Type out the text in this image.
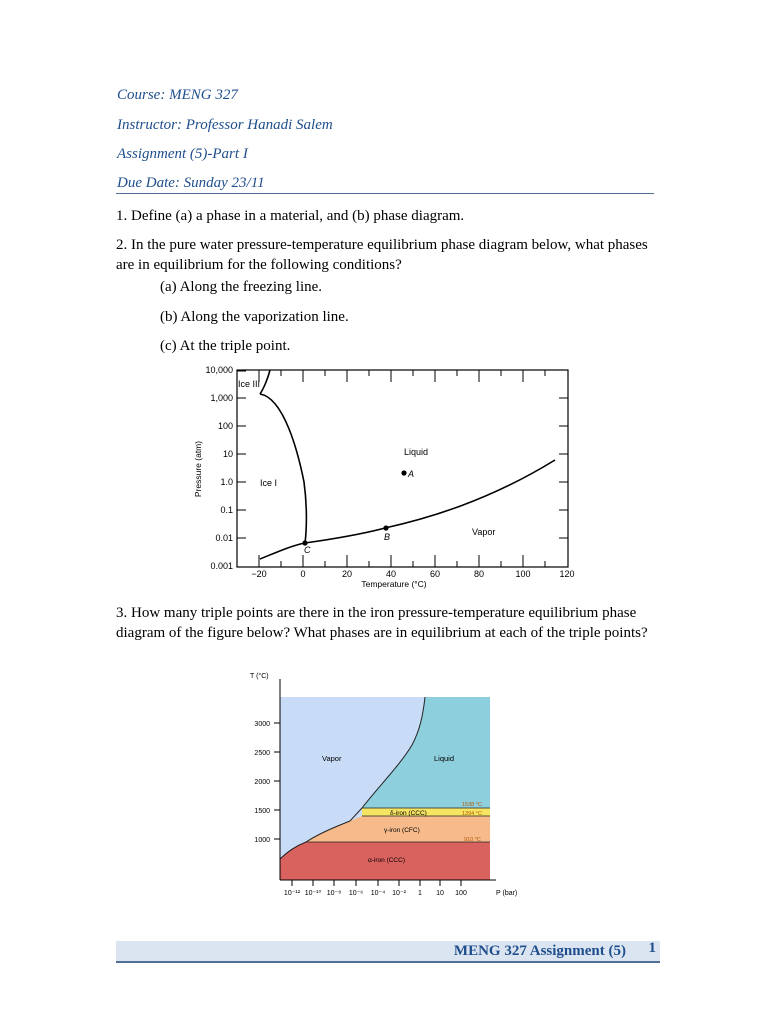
Course: MENG 327
Instructor: Professor Hanadi Salem
Assignment (5)-Part I
Due Date: Sunday 23/11
1. Define (a) a phase in a material, and (b) phase diagram.
2. In the pure water pressure-temperature equilibrium phase diagram below, what phases are in equilibrium for the following conditions?
(a) Along the freezing line.
(b) Along the vaporization line.
(c) At the triple point.
Ice III
Ice I
Liquid
Vapor
A
B
C
10,000
1,000
100
10
1.0
0.1
0.01
0.001
−20	0	20	40	60	80	100	120
Temperature (°C)
Pressure (atm)
3. How many triple points are there in the iron pressure-temperature equilibrium phase diagram of the figure below? What phases are in equilibrium at each of the triple points?
3000
2500
2000
1500
1000
10⁻¹² 10⁻¹⁰ 10⁻⁸ 10⁻⁶ 10⁻⁴ 10⁻² 1 10 100
T (°C)
P (bar)
Vapor	Liquid
δ-iron (CCC)
γ-iron (CFC)
α-iron (CCC)
1538 °C
1394 °C
910 °C
MENG 327 Assignment (5) 1
